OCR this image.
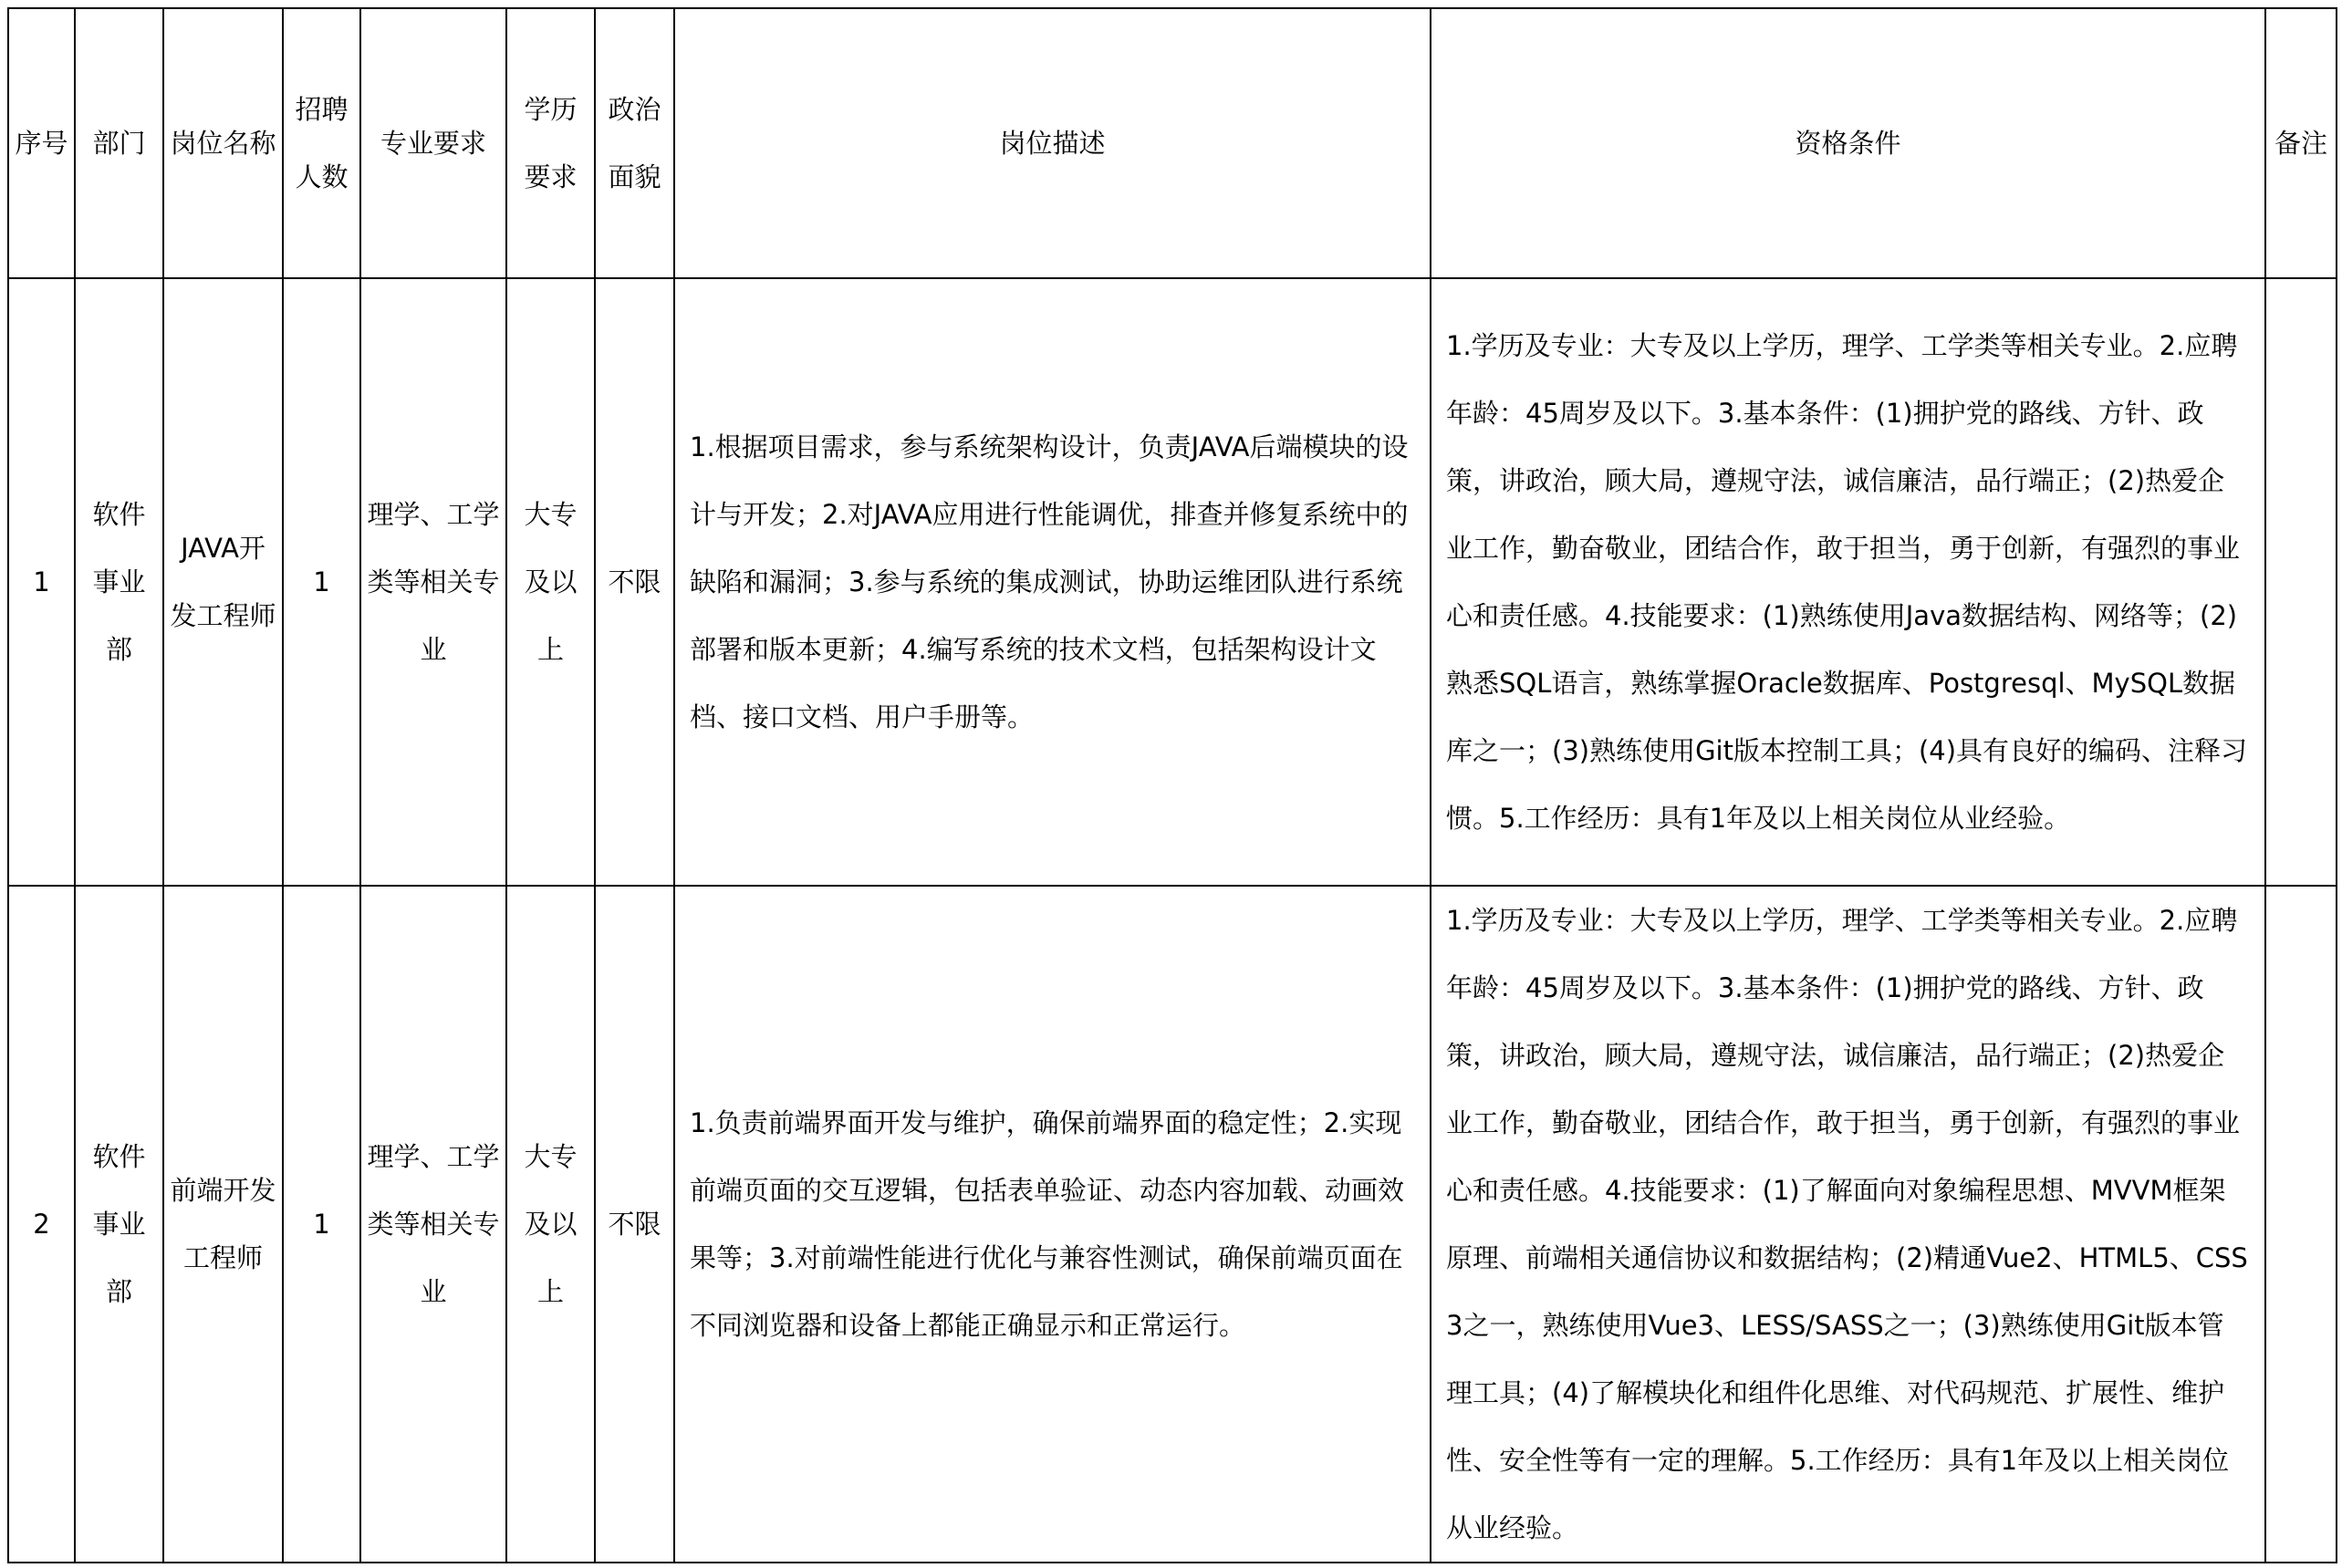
序号	部门	岗位名称	招聘人数	专业要求	学历要求	政治面貌	岗位描述	资格条件	备注
1	软件事业部	JAVA开发工程师	1	理学、工学类等相关专业	大专及以上	不限	1.根据项目需求，参与系统架构设计，负责JAVA后端模块的设计与开发；2.对JAVA应用进行性能调优，排查并修复系统中的缺陷和漏洞；3.参与系统的集成测试，协助运维团队进行系统部署和版本更新；4.编写系统的技术文档，包括架构设计文档、接口文档、用户手册等。	1.学历及专业：大专及以上学历，理学、工学类等相关专业。2.应聘年龄：45周岁及以下。3.基本条件：(1)拥护党的路线、方针、政策，讲政治，顾大局，遵规守法，诚信廉洁，品行端正；(2)热爱企业工作，勤奋敬业，团结合作，敢于担当，勇于创新，有强烈的事业心和责任感。4.技能要求：(1)熟练使用Java数据结构、网络等；(2)熟悉SQL语言，熟练掌握Oracle数据库、Postgresql、MySQL数据库之一；(3)熟练使用Git版本控制工具；(4)具有良好的编码、注释习惯。5.工作经历：具有1年及以上相关岗位从业经验。	
2	软件事业部	前端开发工程师	1	理学、工学类等相关专业	大专及以上	不限	1.负责前端界面开发与维护，确保前端界面的稳定性；2.实现前端页面的交互逻辑，包括表单验证、动态内容加载、动画效果等；3.对前端性能进行优化与兼容性测试，确保前端页面在不同浏览器和设备上都能正确显示和正常运行。	1.学历及专业：大专及以上学历，理学、工学类等相关专业。2.应聘年龄：45周岁及以下。3.基本条件：(1)拥护党的路线、方针、政策，讲政治，顾大局，遵规守法，诚信廉洁，品行端正；(2)热爱企业工作，勤奋敬业，团结合作，敢于担当，勇于创新，有强烈的事业心和责任感。4.技能要求：(1)了解面向对象编程思想、MVVM框架原理、前端相关通信协议和数据结构；(2)精通Vue2、HTML5、CSS3之一，熟练使用Vue3、LESS/SASS之一；(3)熟练使用Git版本管理工具；(4)了解模块化和组件化思维、对代码规范、扩展性、维护性、安全性等有一定的理解。5.工作经历：具有1年及以上相关岗位从业经验。	
